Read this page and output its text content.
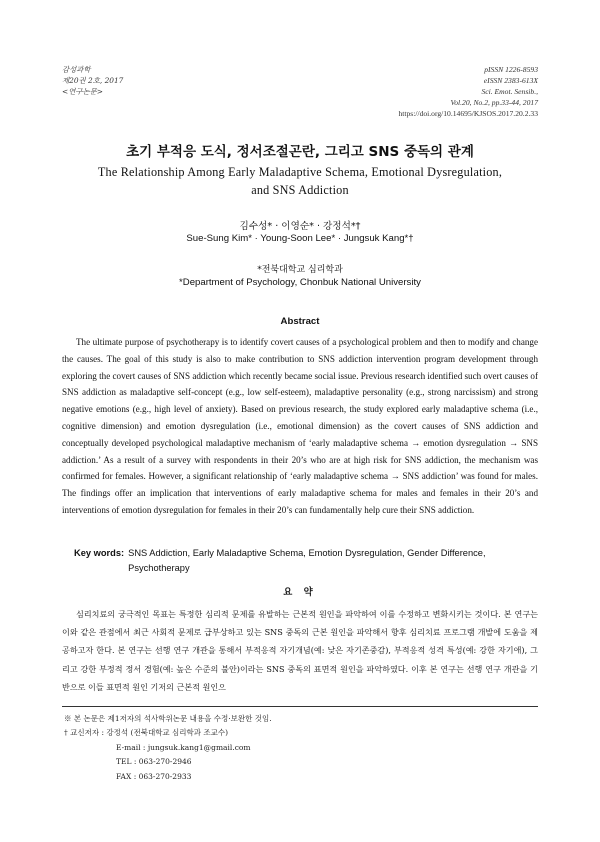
감성과학
제20권 2호, 2017
<연구논문>
pISSN 1226-8593
eISSN 2383-613X
Sci. Emot. Sensib.,
Vol.20, No.2, pp.33-44, 2017
https://doi.org/10.14695/KJSOS.2017.20.2.33
초기 부적응 도식, 정서조절곤란, 그리고 SNS 중독의 관계
The Relationship Among Early Maladaptive Schema, Emotional Dysregulation,
and SNS Addiction
김수성* · 이영순* · 강정석*†
Sue-Sung Kim* · Young-Soon Lee* · Jungsuk Kang*†
*전북대학교 심리학과
*Department of Psychology, Chonbuk National University
Abstract

The ultimate purpose of psychotherapy is to identify covert causes of a psychological problem and then to modify and change the causes. The goal of this study is also to make contribution to SNS addiction intervention program development through exploring the covert causes of SNS addiction which recently became social issue. Previous research identified such overt causes of SNS addiction as maladaptive self-concept (e.g., low self-esteem), maladaptive personality (e.g., strong narcissism) and strong negative emotions (e.g., high level of anxiety). Based on previous research, the study explored early maladaptive schema (i.e., cognitive dimension) and emotion dysregulation (i.e., emotional dimension) as the covert causes of SNS addiction and conceptually developed psychological maladaptive mechanism of ‘early maladaptive schema → emotion dysregulation → SNS addiction.’ As a result of a survey with respondents in their 20’s who are at high risk for SNS addiction, the mechanism was confirmed for females. However, a significant relationship of ‘early maladaptive schema → SNS addiction’ was found for males. The findings offer an implication that interventions of early maladaptive schema for males and females in their 20’s and interventions of emotion dysregulation for females in their 20’s can fundamentally help cure their SNS addiction.

Key words: SNS Addiction, Early Maladaptive Schema, Emotion Dysregulation, Gender Difference, Psychotherapy
요 약

심리치료의 궁극적인 목표는 특정한 심리적 문제를 유발하는 근본적 원인을 파악하여 이를 수정하고 변화시키는 것이다. 본 연구는 이와 같은 관점에서 최근 사회적 문제로 급부상하고 있는 SNS 중독의 근본 원인을 파악해서 향후 심리치료 프로그램 개발에 도움을 제공하고자 한다. 본 연구는 선행 연구 개관을 통해서 부적응적 자기개념(예: 낮은 자기존중감), 부적응적 성격 특성(예: 강한 자기애), 그리고 강한 부정적 정서 경험(예: 높은 수준의 불안)이라는 SNS 중독의 표면적 원인을 파악하였다. 이후 본 연구는 선행 연구 개관을 기반으로 이들 표면적 원인 기저의 근본적 원인으

※ 본 논문은 제1저자의 석사학위논문 내용을 수정·보완한 것임.
† 교신저자 : 강정석 (전북대학교 심리학과 조교수)
E-mail : jungsuk.kang1@gmail.com
TEL : 063-270-2946
FAX : 063-270-2933
